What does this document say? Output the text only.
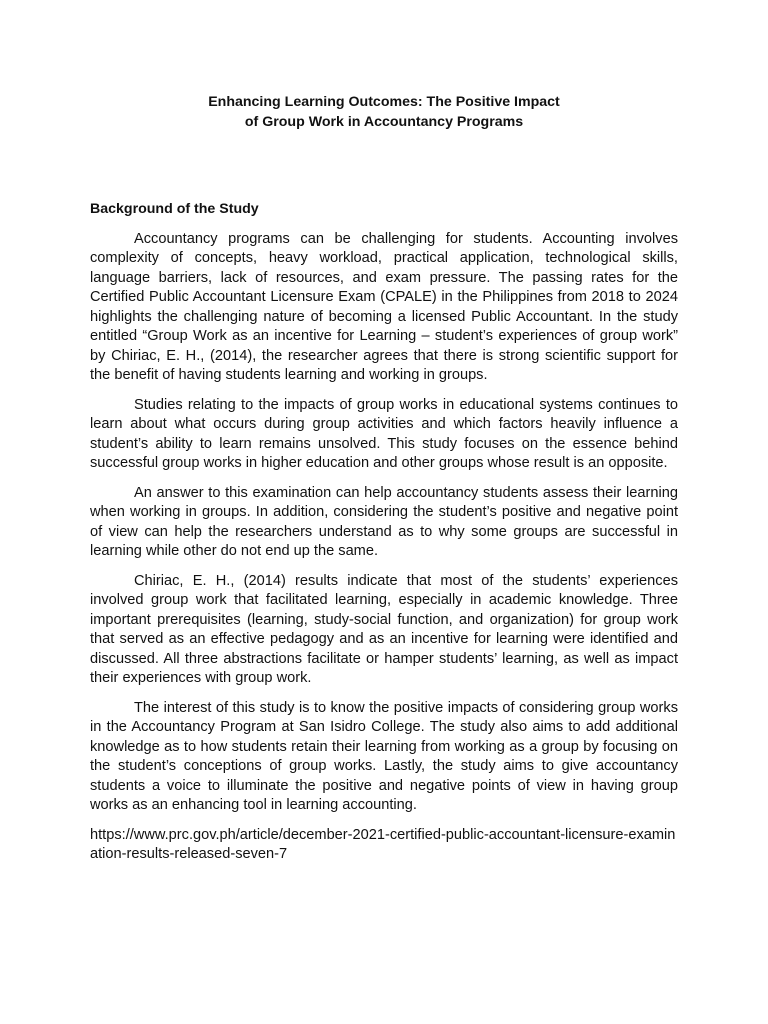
Enhancing Learning Outcomes: The Positive Impact
of Group Work in Accountancy Programs

Background of the Study

Accountancy programs can be challenging for students. Accounting involves complexity of concepts, heavy workload, practical application, technological skills, language barriers, lack of resources, and exam pressure. The passing rates for the Certified Public Accountant Licensure Exam (CPALE) in the Philippines from 2018 to 2024 highlights the challenging nature of becoming a licensed Public Accountant. In the study entitled “Group Work as an incentive for Learning – student’s experiences of group work” by Chiriac, E. H., (2014), the researcher agrees that there is strong scientific support for the benefit of having students learning and working in groups.

Studies relating to the impacts of group works in educational systems continues to learn about what occurs during group activities and which factors heavily influence a student’s ability to learn remains unsolved. This study focuses on the essence behind successful group works in higher education and other groups whose result is an opposite.

An answer to this examination can help accountancy students assess their learning when working in groups. In addition, considering the student’s positive and negative point of view can help the researchers understand as to why some groups are successful in learning while other do not end up the same.

Chiriac, E. H., (2014) results indicate that most of the students’ experiences involved group work that facilitated learning, especially in academic knowledge. Three important prerequisites (learning, study-social function, and organization) for group work that served as an effective pedagogy and as an incentive for learning were identified and discussed. All three abstractions facilitate or hamper students’ learning, as well as impact their experiences with group work.

The interest of this study is to know the positive impacts of considering group works in the Accountancy Program at San Isidro College. The study also aims to add additional knowledge as to how students retain their learning from working as a group by focusing on the student’s conceptions of group works. Lastly, the study aims to give accountancy students a voice to illuminate the positive and negative points of view in having group works as an enhancing tool in learning accounting.

https://www.prc.gov.ph/article/december-2021-certified-public-accountant-licensure-examination-results-released-seven-7
